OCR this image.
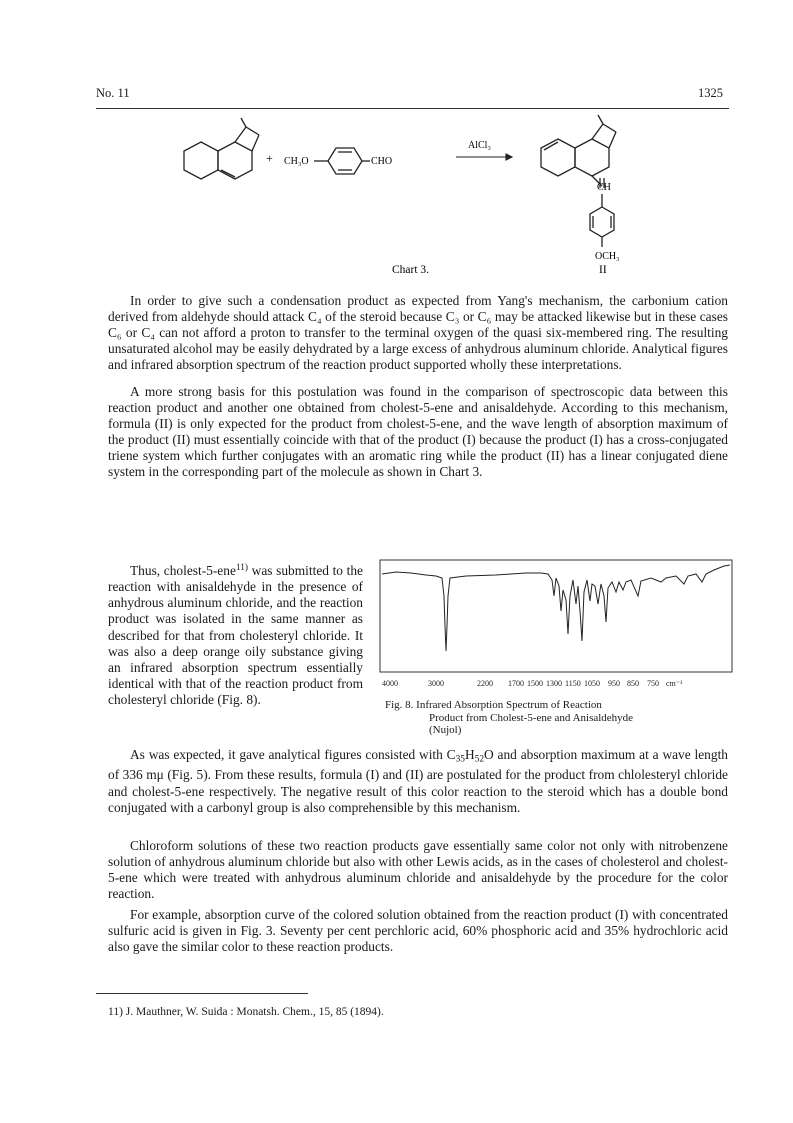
No. 11	1325
+ CH₃O	CHO
AlCl₃
CH
OCH₃
Chart 3.	II

In order to give such a condensation product as expected from Yang's mechanism, the carbonium cation derived from aldehyde should attack C₄ of the steroid because C₃ or C₆ may be attacked likewise but in these cases C₆ or C₄ can not afford a proton to transfer to the terminal oxygen of the quasi six-membered ring. The resulting unsaturated alcohol may be easily dehydrated by a large excess of anhydrous aluminum chloride. Analytical figures and infrared absorption spectrum of the reaction product supported wholly these interpretations.

A more strong basis for this postulation was found in the comparison of spectroscopic data between this reaction product and another one obtained from cholest-5-ene and anisaldehyde. According to this mechanism, formula (II) is only expected for the product from cholest-5-ene, and the wave length of absorption maximum of the product (II) must essentially coincide with that of the product (I) because the product (I) has a cross-conjugated triene system which further conjugates with an aromatic ring while the product (II) has a linear conjugated diene system in the corresponding part of the molecule as shown in Chart 3.

Thus, cholest-5-ene$^{11)}$ was submitted to the reaction with anisaldehyde in the presence of anhydrous aluminum chloride, and the reaction product was isolated in the same manner as described for that from cholesteryl chloride. It was also a deep orange oily substance giving an infrared absorption spectrum essentially identical with that of the reaction product from cholesteryl chloride (Fig. 8).

4000	3000	2200 1700 1500 1300 1150 1050 950 850 750 cm⁻¹
Fig. 8. Infrared Absorption Spectrum of Reaction
Product from Cholest-5-ene and Anisaldehyde
(Nujol)

As was expected, it gave analytical figures consisted with $C_{35}H_{52}O$ and absorption maximum at a wave length of 336 mμ (Fig. 5). From these results, formula (I) and (II) are postulated for the product from chlolesteryl chloride and cholest-5-ene respectively. The negative result of this color reaction to the steroid which has a double bond conjugated with a carbonyl group is also comprehensible by this mechanism.

Chloroform solutions of these two reaction products gave essentially same color not only with nitrobenzene solution of anhydrous aluminum chloride but also with other Lewis acids, as in the cases of cholesterol and cholest-5-ene which were treated with anhydrous aluminum chloride and anisaldehyde by the procedure for the color reaction.

For example, absorption curve of the colored solution obtained from the reaction product (I) with concentrated sulfuric acid is given in Fig. 3. Seventy per cent perchloric acid, 60% phosphoric acid and 35% hydrochloric acid also gave the similar color to these reaction products.

11) J. Mauthner, W. Suida : Monatsh. Chem., 15, 85 (1894).
